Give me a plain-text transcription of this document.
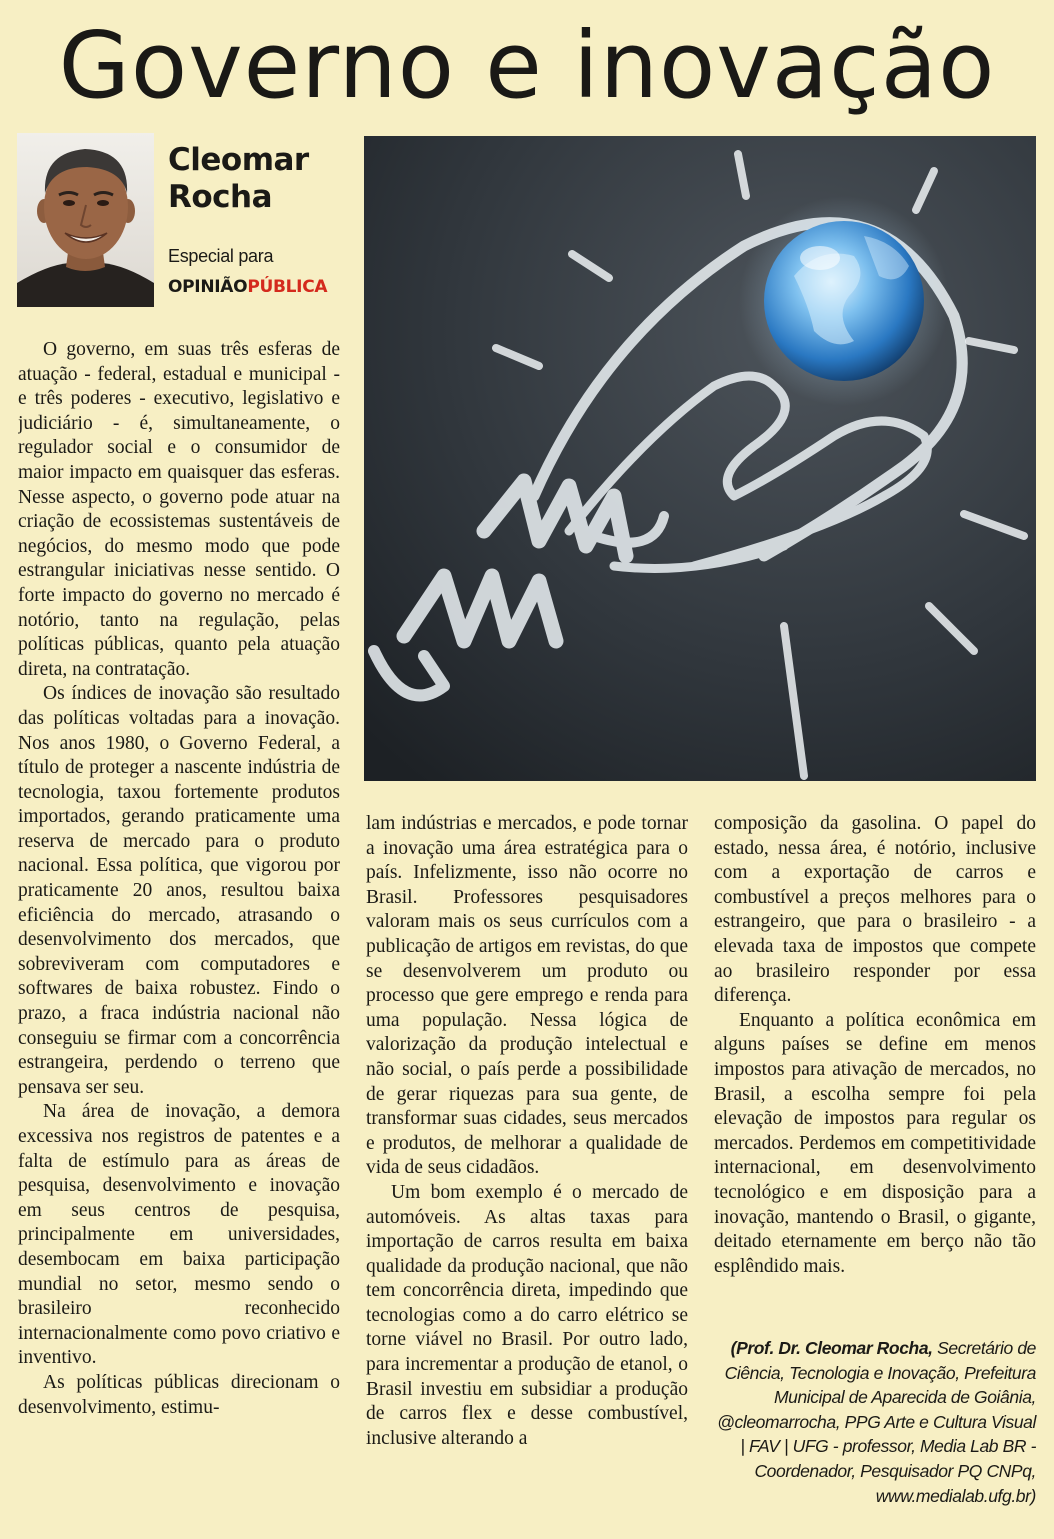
Governo e inovação
Cleomar
Rocha
Especial para
OPINIÃOPÚBLICA

O governo, em suas três esferas de atuação - federal, estadual e municipal - e três poderes - executivo, legislativo e judiciário - é, simultaneamente, o regulador social e o consumidor de maior impacto em quaisquer das esferas. Nesse aspecto, o governo pode atuar na criação de ecossistemas sustentáveis de negócios, do mesmo modo que pode estrangular iniciativas nesse sentido. O forte impacto do governo no mercado é notório, tanto na regulação, pelas políticas públicas, quanto pela atuação direta, na contratação.

Os índices de inovação são resultado das políticas voltadas para a inovação. Nos anos 1980, o Governo Federal, a título de proteger a nascente indústria de tecnologia, taxou fortemente produtos importados, gerando praticamente uma reserva de mercado para o produto nacional. Essa política, que vigorou por praticamente 20 anos, resultou baixa eficiência do mercado, atrasando o desenvolvimento dos mercados, que sobreviveram com computadores e softwares de baixa robustez. Findo o prazo, a fraca indústria nacional não conseguiu se firmar com a concorrência estrangeira, perdendo o terreno que pensava ser seu.

Na área de inovação, a demora excessiva nos registros de patentes e a falta de estímulo para as áreas de pesquisa, desenvolvimento e inovação em seus centros de pesquisa, principalmente em universidades, desembocam em baixa participação mundial no setor, mesmo sendo o brasileiro reconhecido internacionalmente como povo criativo e inventivo.

As políticas públicas direcionam o desenvolvimento, estimu-

lam indústrias e mercados, e pode tornar a inovação uma área estratégica para o país. Infelizmente, isso não ocorre no Brasil. Professores pesquisadores valoram mais os seus currículos com a publicação de artigos em revistas, do que se desenvolverem um produto ou processo que gere emprego e renda para uma população. Nessa lógica de valorização da produção intelectual e não social, o país perde a possibilidade de gerar riquezas para sua gente, de transformar suas cidades, seus mercados e produtos, de melhorar a qualidade de vida de seus cidadãos.

Um bom exemplo é o mercado de automóveis. As altas taxas para importação de carros resulta em baixa qualidade da produção nacional, que não tem concorrência direta, impedindo que tecnologias como a do carro elétrico se torne viável no Brasil. Por outro lado, para incrementar a produção de etanol, o Brasil investiu em subsidiar a produção de carros flex e desse combustível, inclusive alterando a

composição da gasolina. O papel do estado, nessa área, é notório, inclusive com a exportação de carros e combustível a preços melhores para o estrangeiro, que para o brasileiro - a elevada taxa de impostos que compete ao brasileiro responder por essa diferença.

Enquanto a política econômica em alguns países se define em menos impostos para ativação de mercados, no Brasil, a escolha sempre foi pela elevação de impostos para regular os mercados. Perdemos em competitividade internacional, em desenvolvimento tecnológico e em disposição para a inovação, mantendo o Brasil, o gigante, deitado eternamente em berço não tão esplêndido mais.

(Prof. Dr. Cleomar Rocha, Secretário de Ciência, Tecnologia e Inovação, Prefeitura Municipal de Aparecida de Goiânia, @cleomarrocha, PPG Arte e Cultura Visual | FAV | UFG - professor, Media Lab BR - Coordenador, Pesquisador PQ CNPq, www.medialab.ufg.br)
